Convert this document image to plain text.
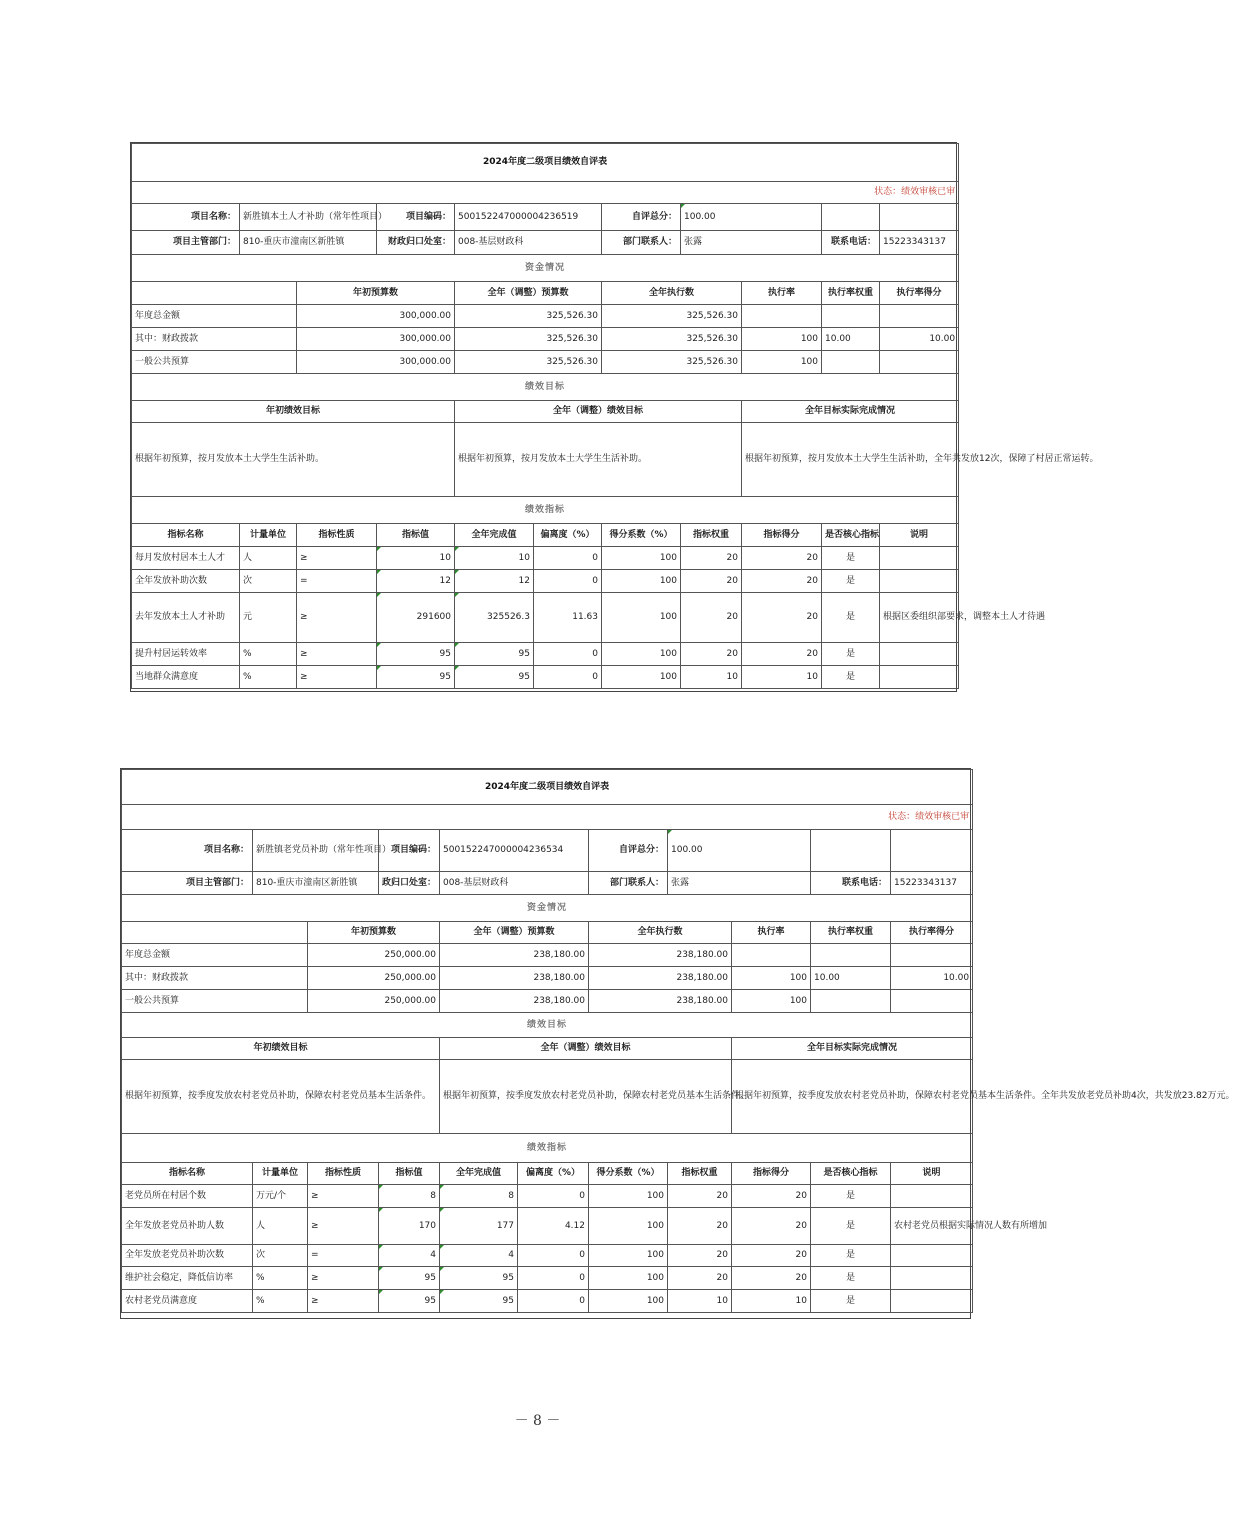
2024年度二级项目绩效自评表										
状态：绩效审核已审										
项目名称：	新胜镇本土人才补助（常年性项目）		项目编码：	500152247000004236519		自评总分：	100.00			
项目主管部门：	810-重庆市潼南区新胜镇		财政归口处室：	008-基层财政科		部门联系人：	张露		联系电话：	15223343137
资金情况										
		年初预算数		全年（调整）预算数		全年执行数		执行率	执行率权重	执行率得分
年度总金额		300,000.00		325,526.30		325,526.30				
其中：财政拨款		300,000.00		325,526.30		325,526.30		100	10.00	10.00
一般公共预算		300,000.00		325,526.30		325,526.30		100		
绩效目标										
年初绩效目标				全年（调整）绩效目标				全年目标实际完成情况		
根据年初预算，按月发放本土大学生生活补助。				根据年初预算，按月发放本土大学生生活补助。				根据年初预算，按月发放本土大学生生活补助，全年共发放12次，保障了村居正常运转。		
绩效指标										
指标名称	计量单位	指标性质	指标值	全年完成值	偏离度（%）	得分系数（%）	指标权重	指标得分	是否核心指标	说明
每月发放村居本土人才	人	≥	10	10	0	100	20	20	是	
全年发放补助次数	次	=	12	12	0	100	20	20	是	
去年发放本土人才补助	元	≥	291600	325526.3	11.63	100	20	20	是	根据区委组织部要求，调整本土人才待遇
提升村居运转效率	%	≥	95	95	0	100	20	20	是	
当地群众满意度	%	≥	95	95	0	100	10	10	是	
2024年度二级项目绩效自评表										
状态：绩效审核已审										
项目名称：	新胜镇老党员补助（常年性项目）		项目编码：	500152247000004236534		自评总分：	100.00			
项目主管部门：	810-重庆市潼南区新胜镇		政归口处室：	008-基层财政科		部门联系人：	张露		联系电话：	15223343137
资金情况										
		年初预算数		全年（调整）预算数		全年执行数		执行率	执行率权重	执行率得分
年度总金额		250,000.00		238,180.00		238,180.00				
其中：财政拨款		250,000.00		238,180.00		238,180.00		100	10.00	10.00
一般公共预算		250,000.00		238,180.00		238,180.00		100		
绩效目标										
年初绩效目标				全年（调整）绩效目标				全年目标实际完成情况		
根据年初预算，按季度发放农村老党员补助，保障农村老党员基本生活条件。				根据年初预算，按季度发放农村老党员补助，保障农村老党员基本生活条件。				根据年初预算，按季度发放农村老党员补助，保障农村老党员基本生活条件。全年共发放老党员补助4次，共发放23.82万元。		
绩效指标										
指标名称	计量单位	指标性质	指标值	全年完成值	偏离度（%）	得分系数（%）	指标权重	指标得分	是否核心指标	说明
老党员所在村居个数	万元/个	≥	8	8	0	100	20	20	是	
全年发放老党员补助人数	人	≥	170	177	4.12	100	20	20	是	农村老党员根据实际情况人数有所增加
全年发放老党员补助次数	次	=	4	4	0	100	20	20	是	
维护社会稳定，降低信访率	%	≥	95	95	0	100	20	20	是	
农村老党员满意度	%	≥	95	95	0	100	10	10	是	
－ 8 －
